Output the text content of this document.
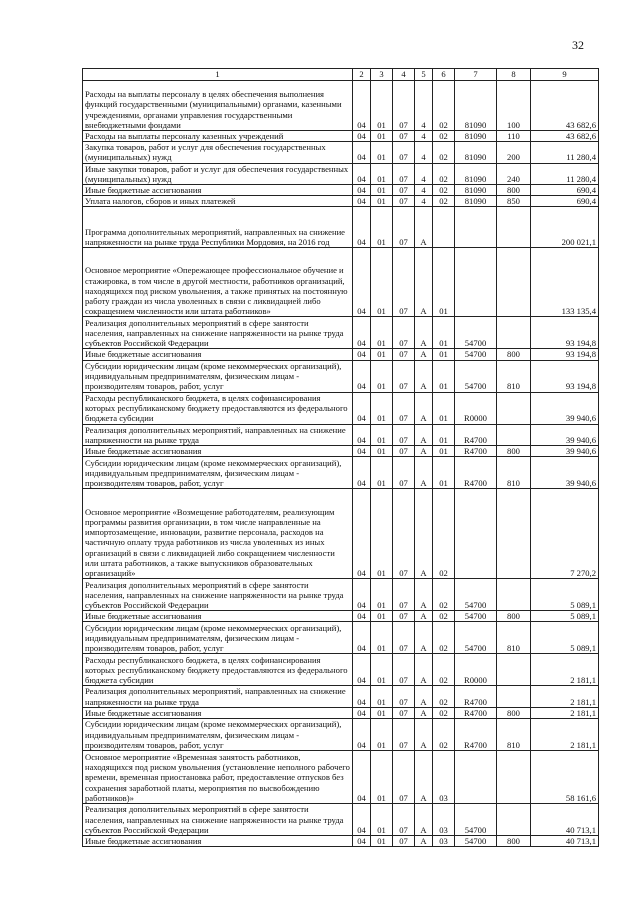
32
1	2	3	4	5	6	7	8	9
Расходы на выплаты персоналу в целях обеспечения выполнения функций государственными (муниципальными) органами, казенными учреждениями, органами управления государственными внебюджетными фондами	04	01	07	4	02	81090	100	43 682,6
Расходы на выплаты персоналу казенных учреждений	04	01	07	4	02	81090	110	43 682,6
Закупка товаров, работ и услуг для обеспечения государственных (муниципальных) нужд	04	01	07	4	02	81090	200	11 280,4
Иные закупки товаров, работ и услуг для обеспечения государственных (муниципальных) нужд	04	01	07	4	02	81090	240	11 280,4
Иные бюджетные ассигнования	04	01	07	4	02	81090	800	690,4
Уплата налогов, сборов и иных платежей	04	01	07	4	02	81090	850	690,4
Программа дополнительных мероприятий, направленных на снижение напряженности на рынке труда Республики Мордовия, на 2016 год	04	01	07	А				200 021,1
Основное мероприятие «Опережающее профессиональное обучение и стажировка, в том числе в другой местности, работников организаций, находящихся под риском увольнения, а также принятых на постоянную работу граждан из числа уволенных в связи с ликвидацией либо сокращением численности или штата работников»	04	01	07	А	01			133 135,4
Реализация дополнительных мероприятий в сфере занятости населения, направленных на снижение напряженности на рынке труда субъектов Российской Федерации	04	01	07	А	01	54700		93 194,8
Иные бюджетные ассигнования	04	01	07	А	01	54700	800	93 194,8
Субсидии юридическим лицам (кроме некоммерческих организаций), индивидуальным предпринимателям, физическим лицам - производителям товаров, работ, услуг	04	01	07	А	01	54700	810	93 194,8
Расходы республиканского бюджета, в целях софинансирования которых республиканскому бюджету предоставляются из федерального бюджета субсидии	04	01	07	А	01	R0000		39 940,6
Реализация дополнительных мероприятий, направленных на снижение напряженности на рынке труда	04	01	07	А	01	R4700		39 940,6
Иные бюджетные ассигнования	04	01	07	А	01	R4700	800	39 940,6
Субсидии юридическим лицам (кроме некоммерческих организаций), индивидуальным предпринимателям, физическим лицам - производителям товаров, работ, услуг	04	01	07	А	01	R4700	810	39 940,6
Основное мероприятие «Возмещение работодателям, реализующим программы развития организации, в том числе направленные на импортозамещение, инновации, развитие персонала, расходов на частичную оплату труда работников из числа уволенных из иных организаций в связи с ликвидацией либо сокращением численности или штата работников, а также выпускников образовательных организаций»	04	01	07	А	02			7 270,2
Реализация дополнительных мероприятий в сфере занятости населения, направленных на снижение напряженности на рынке труда субъектов Российской Федерации	04	01	07	А	02	54700		5 089,1
Иные бюджетные ассигнования	04	01	07	А	02	54700	800	5 089,1
Субсидии юридическим лицам (кроме некоммерческих организаций), индивидуальным предпринимателям, физическим лицам - производителям товаров, работ, услуг	04	01	07	А	02	54700	810	5 089,1
Расходы республиканского бюджета, в целях софинансирования которых республиканскому бюджету предоставляются из федерального бюджета субсидии	04	01	07	А	02	R0000		2 181,1
Реализация дополнительных мероприятий, направленных на снижение напряженности на рынке труда	04	01	07	А	02	R4700		2 181,1
Иные бюджетные ассигнования	04	01	07	А	02	R4700	800	2 181,1
Субсидии юридическим лицам (кроме некоммерческих организаций), индивидуальным предпринимателям, физическим лицам - производителям товаров, работ, услуг	04	01	07	А	02	R4700	810	2 181,1
Основное мероприятие «Временная занятость работников, находящихся под риском увольнения (установление неполного рабочего времени, временная приостановка работ, предоставление отпусков без сохранения заработной платы, мероприятия по высвобождению работников)»	04	01	07	А	03			58 161,6
Реализация дополнительных мероприятий в сфере занятости населения, направленных на снижение напряженности на рынке труда субъектов Российской Федерации	04	01	07	А	03	54700		40 713,1
Иные бюджетные ассигнования	04	01	07	А	03	54700	800	40 713,1
